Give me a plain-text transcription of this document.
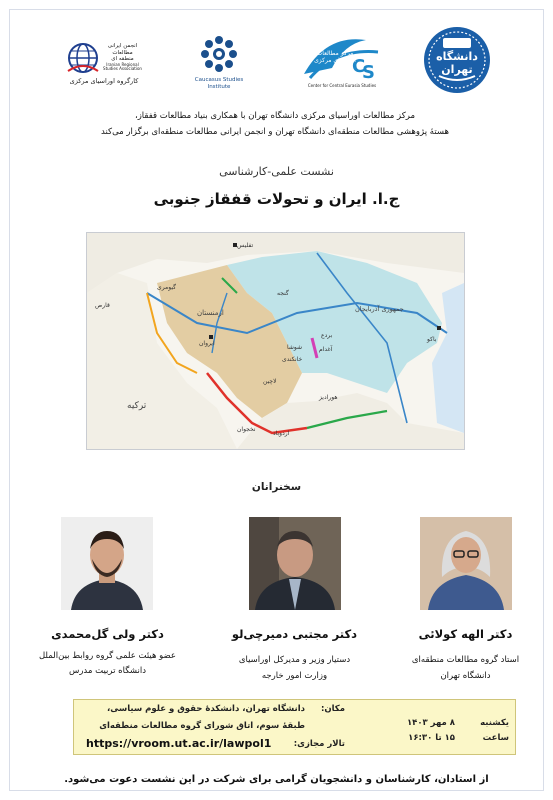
انجمن ایرانی
مطالعات
منطقه ای
Iranian Regional
Studies Association
کارگروه اوراسیای مرکزی	Caucasus Studies Institute
C
S
مرکز مطالعات
اوراسیای مرکزی
Center for Central Eurasia Studies
دانشگاه تهران
مرکز مطالعات اوراسیای مرکزی دانشگاه تهران با همکاری بنیاد مطالعات قفقاز،
هستهٔ پژوهشی مطالعات منطقه‌ای دانشگاه تهران و انجمن ایرانی مطالعات منطقه‌ای برگزار می‌کند
نشست علمی-کارشناسی
ج.ا. ایران و تحولات قفقاز جنوبی
تفلیس
ارمنستان	جمهوری آذربایجان
ترکیه
ایروان
باکو
نخجوان
خانکندی
لاچین
آغدام
بردع
گنجه
قارص
اردوباد
هورادیز
شوشا
گیومری
سخنرانان
دکتر ولی گل‌محمدی	دکتر مجتبی دمیرچی‌لو	دکتر الهه کولائی
عضو هیئت علمی گروه روابط بین‌الملل
دانشگاه تربیت مدرس
دستیار وزیر و مدیرکل اوراسیای
وزارت امور خارجه
استاد گروه مطالعات منطقه‌ای
دانشگاه تهران
یکشنبه
۸ مهر ۱۴۰۳
ساعت
۱۵ تا ۱۶:۳۰
مکان:
دانشگاه تهران، دانشکدهٔ حقوق و علوم سیاسی،
طبقهٔ سوم، اتاق شورای گروه مطالعات منطقه‌ای
تالار مجازی:
https://vroom.ut.ac.ir/lawpol1
از استادان، کارشناسان و دانشجویان گرامی برای شرکت در این نشست دعوت می‌شود.
